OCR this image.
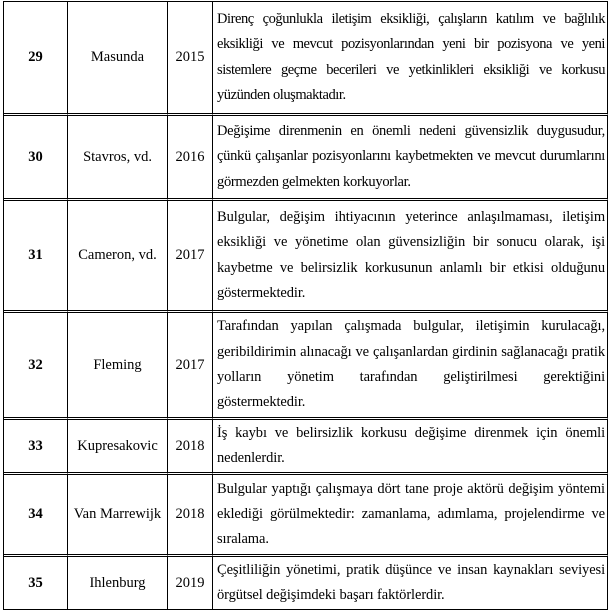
29	Masunda	2015	Direnç çoğunlukla iletişim eksikliği, çalışların katılım ve bağlılık eksikliği ve mevcut pozisyonlarından yeni bir pozisyona ve yeni sistemlere geçme becerileri ve yetkinlikleri eksikliği ve korkusu yüzünden oluşmaktadır.
30	Stavros, vd.	2016	Değişime direnmenin en önemli nedeni güvensizlik duygusudur, çünkü çalışanlar pozisyonlarını kaybetmekten ve mevcut durumlarını görmezden gelmekten korkuyorlar.
31	Cameron, vd.	2017	Bulgular, değişim ihtiyacının yeterince anlaşılmaması, iletişim eksikliği ve yönetime olan güvensizliğin bir sonucu olarak, işi kaybetme ve belirsizlik korkusunun anlamlı bir etkisi olduğunu göstermektedir.
32	Fleming	2017	Tarafından yapılan çalışmada bulgular, iletişimin kurulacağı, geribildirimin alınacağı ve çalışanlardan girdinin sağlanacağı pratik yolların yönetim tarafından geliştirilmesi gerektiğini göstermektedir.
33	Kupresakovic	2018	İş kaybı ve belirsizlik korkusu değişime direnmek için önemli nedenlerdir.
34	Van Marrewijk	2018	Bulgular yaptığı çalışmaya dört tane proje aktörü değişim yöntemi eklediği görülmektedir: zamanlama, adımlama, projelendirme ve sıralama.
35	Ihlenburg	2019	Çeşitliliğin yönetimi, pratik düşünce ve insan kaynakları seviyesi örgütsel değişimdeki başarı faktörlerdir.
